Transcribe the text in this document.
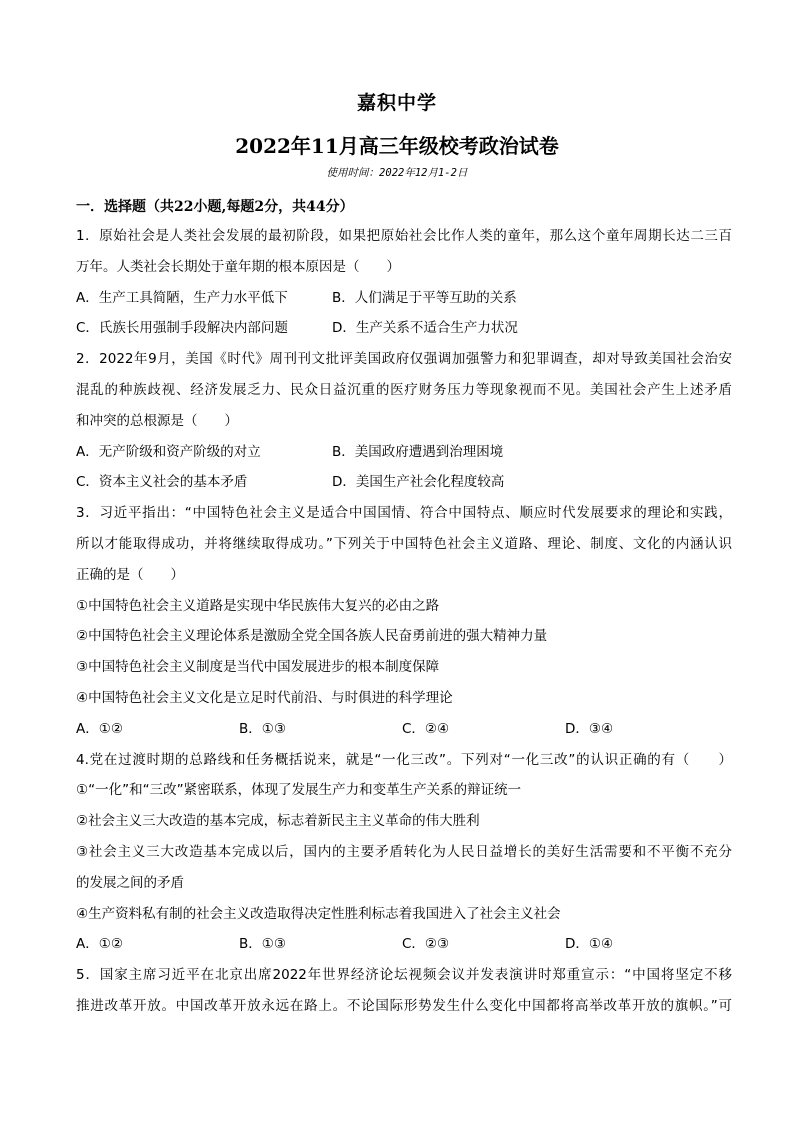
嘉积中学
2022年11月高三年级校考政治试卷
使用时间：2022年12月1-2日
一．选择题（共22小题,每题2分，共44分）
1．原始社会是人类社会发展的最初阶段，如果把原始社会比作人类的童年，那么这个童年周期长达二三百
万年。人类社会长期处于童年期的根本原因是（　　）
A．生产工具简陋，生产力水平低下	B．人们满足于平等互助的关系
C．氏族长用强制手段解决内部问题	D．生产关系不适合生产力状况
2．2022年9月，美国《时代》周刊刊文批评美国政府仅强调加强警力和犯罪调查，却对导致美国社会治安
混乱的种族歧视、经济发展乏力、民众日益沉重的医疗财务压力等现象视而不见。美国社会产生上述矛盾
和冲突的总根源是（　　）
A．无产阶级和资产阶级的对立	B．美国政府遭遇到治理困境
C．资本主义社会的基本矛盾	D．美国生产社会化程度较高
3．习近平指出：“中国特色社会主义是适合中国国情、符合中国特点、顺应时代发展要求的理论和实践，
所以才能取得成功，并将继续取得成功。”下列关于中国特色社会主义道路、理论、制度、文化的内涵认识
正确的是（　　）
①中国特色社会主义道路是实现中华民族伟大复兴的必由之路
②中国特色社会主义理论体系是激励全党全国各族人民奋勇前进的强大精神力量
③中国特色社会主义制度是当代中国发展进步的根本制度保障
④中国特色社会主义文化是立足时代前沿、与时俱进的科学理论
A．①②	B．①③	C．②④	D．③④
4.党在过渡时期的总路线和任务概括说来，就是“一化三改”。下列对“一化三改”的认识正确的有（　　）
①“一化”和“三改”紧密联系，体现了发展生产力和变革生产关系的辩证统一
②社会主义三大改造的基本完成，标志着新民主主义革命的伟大胜利
③社会主义三大改造基本完成以后，国内的主要矛盾转化为人民日益增长的美好生活需要和不平衡不充分
的发展之间的矛盾
④生产资料私有制的社会主义改造取得决定性胜利标志着我国进入了社会主义社会
A．①②	B．①③	C．②③	D．①④
5．国家主席习近平在北京出席2022年世界经济论坛视频会议并发表演讲时郑重宣示：“中国将坚定不移
推进改革开放。中国改革开放永远在路上。不论国际形势发生什么变化中国都将高举改革开放的旗帜。”可
